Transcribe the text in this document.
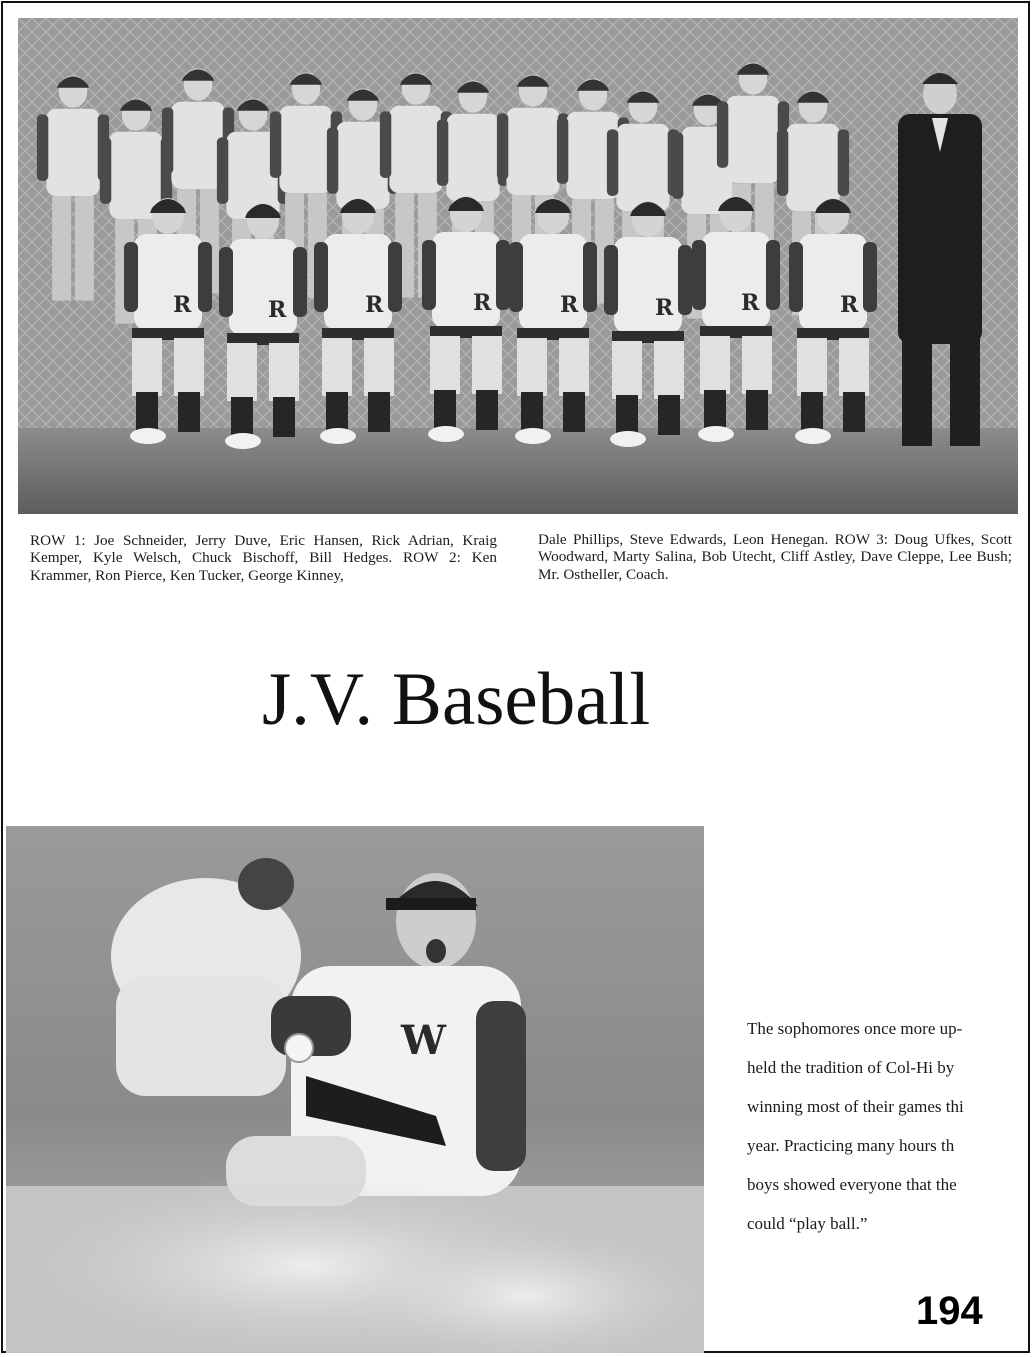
R	R	R	R	R	R	R	R
ROW 1: Joe Schneider, Jerry Duve, Eric Hansen, Rick Adrian, Kraig Kemper, Kyle Welsch, Chuck Bischoff, Bill Hedges. ROW 2: Ken Krammer, Ron Pierce, Ken Tucker, George Kinney,
Dale Phillips, Steve Edwards, Leon Henegan. ROW 3: Doug Ufkes, Scott Woodward, Marty Salina, Bob Utecht, Cliff Astley, Dave Cleppe, Lee Bush; Mr. Ostheller, Coach.
J.V. Baseball
W	The sophomores once more up-

held the tradition of Col-Hi by

winning most of their games thi

year. Practicing many hours th

boys showed everyone that the

could “play ball.”

194
